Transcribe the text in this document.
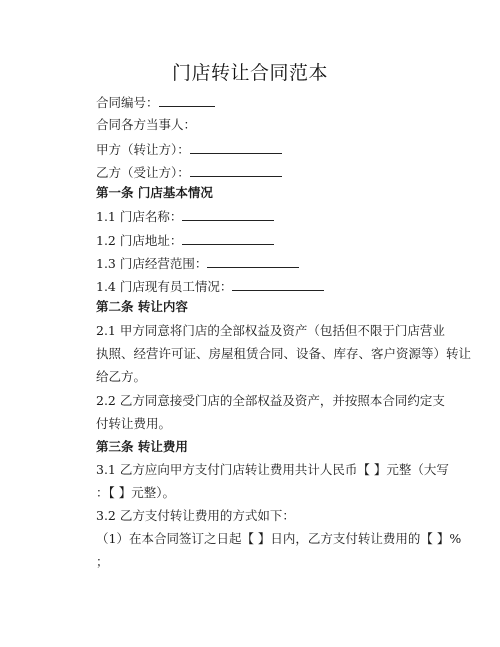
门店转让合同范本
合同编号：
合同各方当事人：
甲方（转让方）：
乙方（受让方）：
第一条 门店基本情况
1.1 门店名称：
1.2 门店地址：
1.3 门店经营范围：
1.4 门店现有员工情况：
第二条 转让内容
2.1 甲方同意将门店的全部权益及资产（包括但不限于门店营业
执照、经营许可证、房屋租赁合同、设备、库存、客户资源等）转让
给乙方。
2.2 乙方同意接受门店的全部权益及资产，并按照本合同约定支
付转让费用。
第三条 转让费用
3.1 乙方应向甲方支付门店转让费用共计人民币【 】元整（大写
：【 】元整）。
3.2 乙方支付转让费用的方式如下：
（1）在本合同签订之日起【 】日内，乙方支付转让费用的【 】%
；
